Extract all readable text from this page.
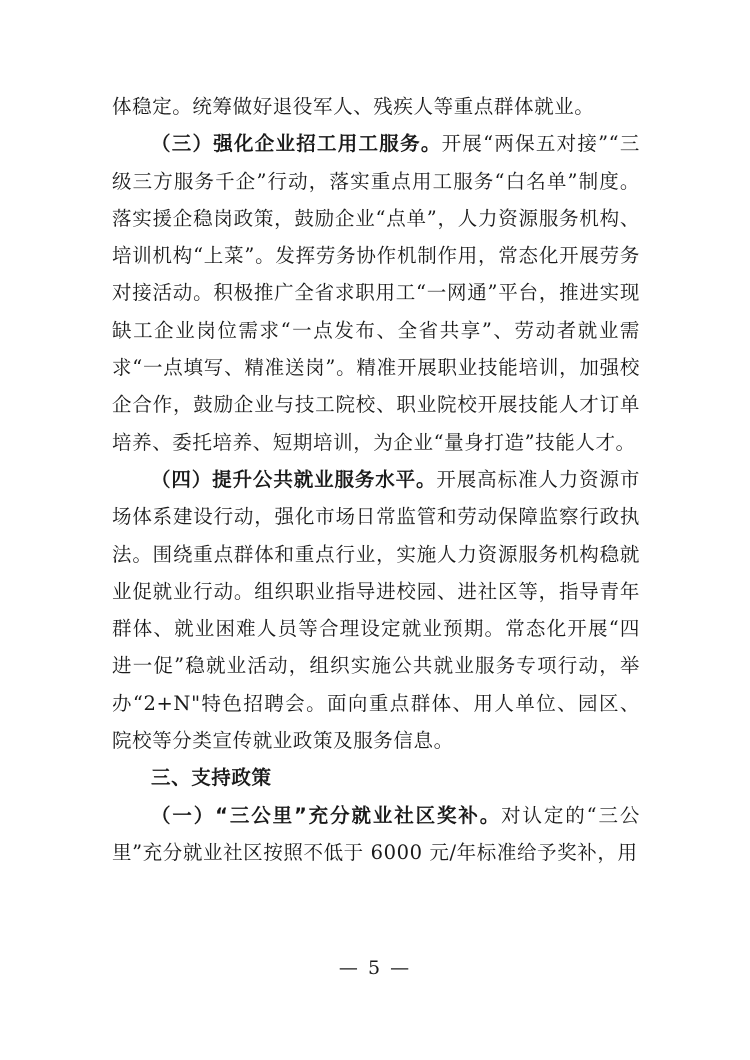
体稳定。统筹做好退役军人、残疾人等重点群体就业。

（三）强化企业招工用工服务。开展“两保五对接”“三级三方服务千企”行动，落实重点用工服务“白名单”制度。落实援企稳岗政策，鼓励企业“点单”，人力资源服务机构、培训机构“上菜”。发挥劳务协作机制作用，常态化开展劳务对接活动。积极推广全省求职用工“一网通”平台，推进实现缺工企业岗位需求“一点发布、全省共享”、劳动者就业需求“一点填写、精准送岗”。精准开展职业技能培训，加强校企合作，鼓励企业与技工院校、职业院校开展技能人才订单培养、委托培养、短期培训，为企业“量身打造”技能人才。

（四）提升公共就业服务水平。开展高标准人力资源市场体系建设行动，强化市场日常监管和劳动保障监察行政执法。围绕重点群体和重点行业，实施人力资源服务机构稳就业促就业行动。组织职业指导进校园、进社区等，指导青年群体、就业困难人员等合理设定就业预期。常态化开展“四进一促”稳就业活动，组织实施公共就业服务专项行动，举办“2+N"特色招聘会。面向重点群体、用人单位、园区、院校等分类宣传就业政策及服务信息。

三、支持政策

（一）“三公里”充分就业社区奖补。对认定的“三公里”充分就业社区按照不低于 6000 元/年标准给予奖补，用

— 5 —
